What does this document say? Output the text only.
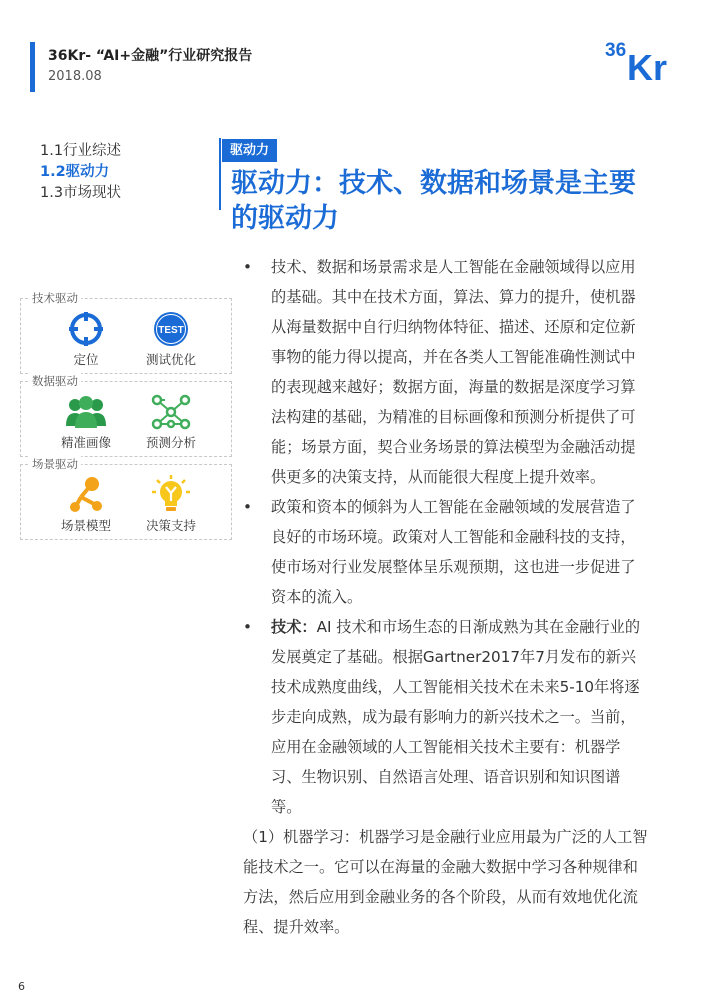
36Kr- “AI+金融”行业研究报告
2018.08
36 Kr
1.1行业综述
1.2驱动力
1.3市场现状
驱动力
驱动力：技术、数据和场景是主要的驱动力
技术驱动
定位
TEST
测试优化
数据驱动
精准画像	预测分析
场景驱动
场景模型	决策支持
• 技术、数据和场景需求是人工智能在金融领域得以应用的基础。其中在技术方面，算法、算力的提升，使机器从海量数据中自行归纳物体特征、描述、还原和定位新事物的能力得以提高，并在各类人工智能准确性测试中的表现越来越好；数据方面，海量的数据是深度学习算法构建的基础，为精准的目标画像和预测分析提供了可能；场景方面，契合业务场景的算法模型为金融活动提供更多的决策支持，从而能很大程度上提升效率。
• 政策和资本的倾斜为人工智能在金融领域的发展营造了良好的市场环境。政策对人工智能和金融科技的支持，使市场对行业发展整体呈乐观预期，这也进一步促进了资本的流入。
• 技术：AI 技术和市场生态的日渐成熟为其在金融行业的发展奠定了基础。根据Gartner2017年7月发布的新兴技术成熟度曲线，人工智能相关技术在未来5-10年将逐步走向成熟，成为最有影响力的新兴技术之一。当前，应用在金融领域的人工智能相关技术主要有：机器学习、生物识别、自然语言处理、语音识别和知识图谱等。
（1）机器学习：机器学习是金融行业应用最为广泛的人工智能技术之一。它可以在海量的金融大数据中学习各种规律和方法，然后应用到金融业务的各个阶段，从而有效地优化流程、提升效率。
6
